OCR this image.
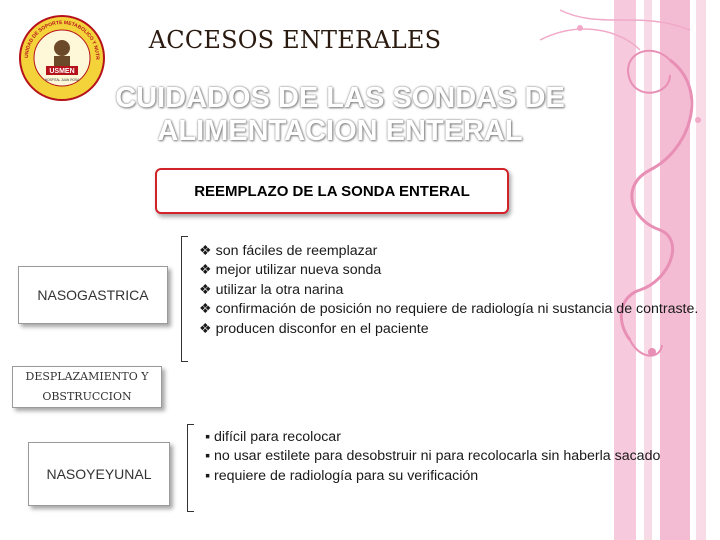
USMEN
HOSPITAL JUAN ROSA
UNIDAD DE SOPORTE METABOLICO Y NUTR
ACCESOS ENTERALES
CUIDADOS DE LAS SONDAS DE
ALIMENTACION ENTERAL
REEMPLAZO DE LA SONDA ENTERAL
NASOGASTRICA
❖ son fáciles de reemplazar
❖ mejor utilizar nueva sonda
❖ utilizar la otra narina
❖ confirmación de posición no requiere de radiología ni sustancia de contraste.
❖ producen disconfor en el paciente
DESPLAZAMIENTO Y
OBSTRUCCION
NASOYEYUNAL
▪ difícil para recolocar
▪ no usar estilete para desobstruir ni para recolocarla sin haberla sacado
▪ requiere de radiología para su verificación
